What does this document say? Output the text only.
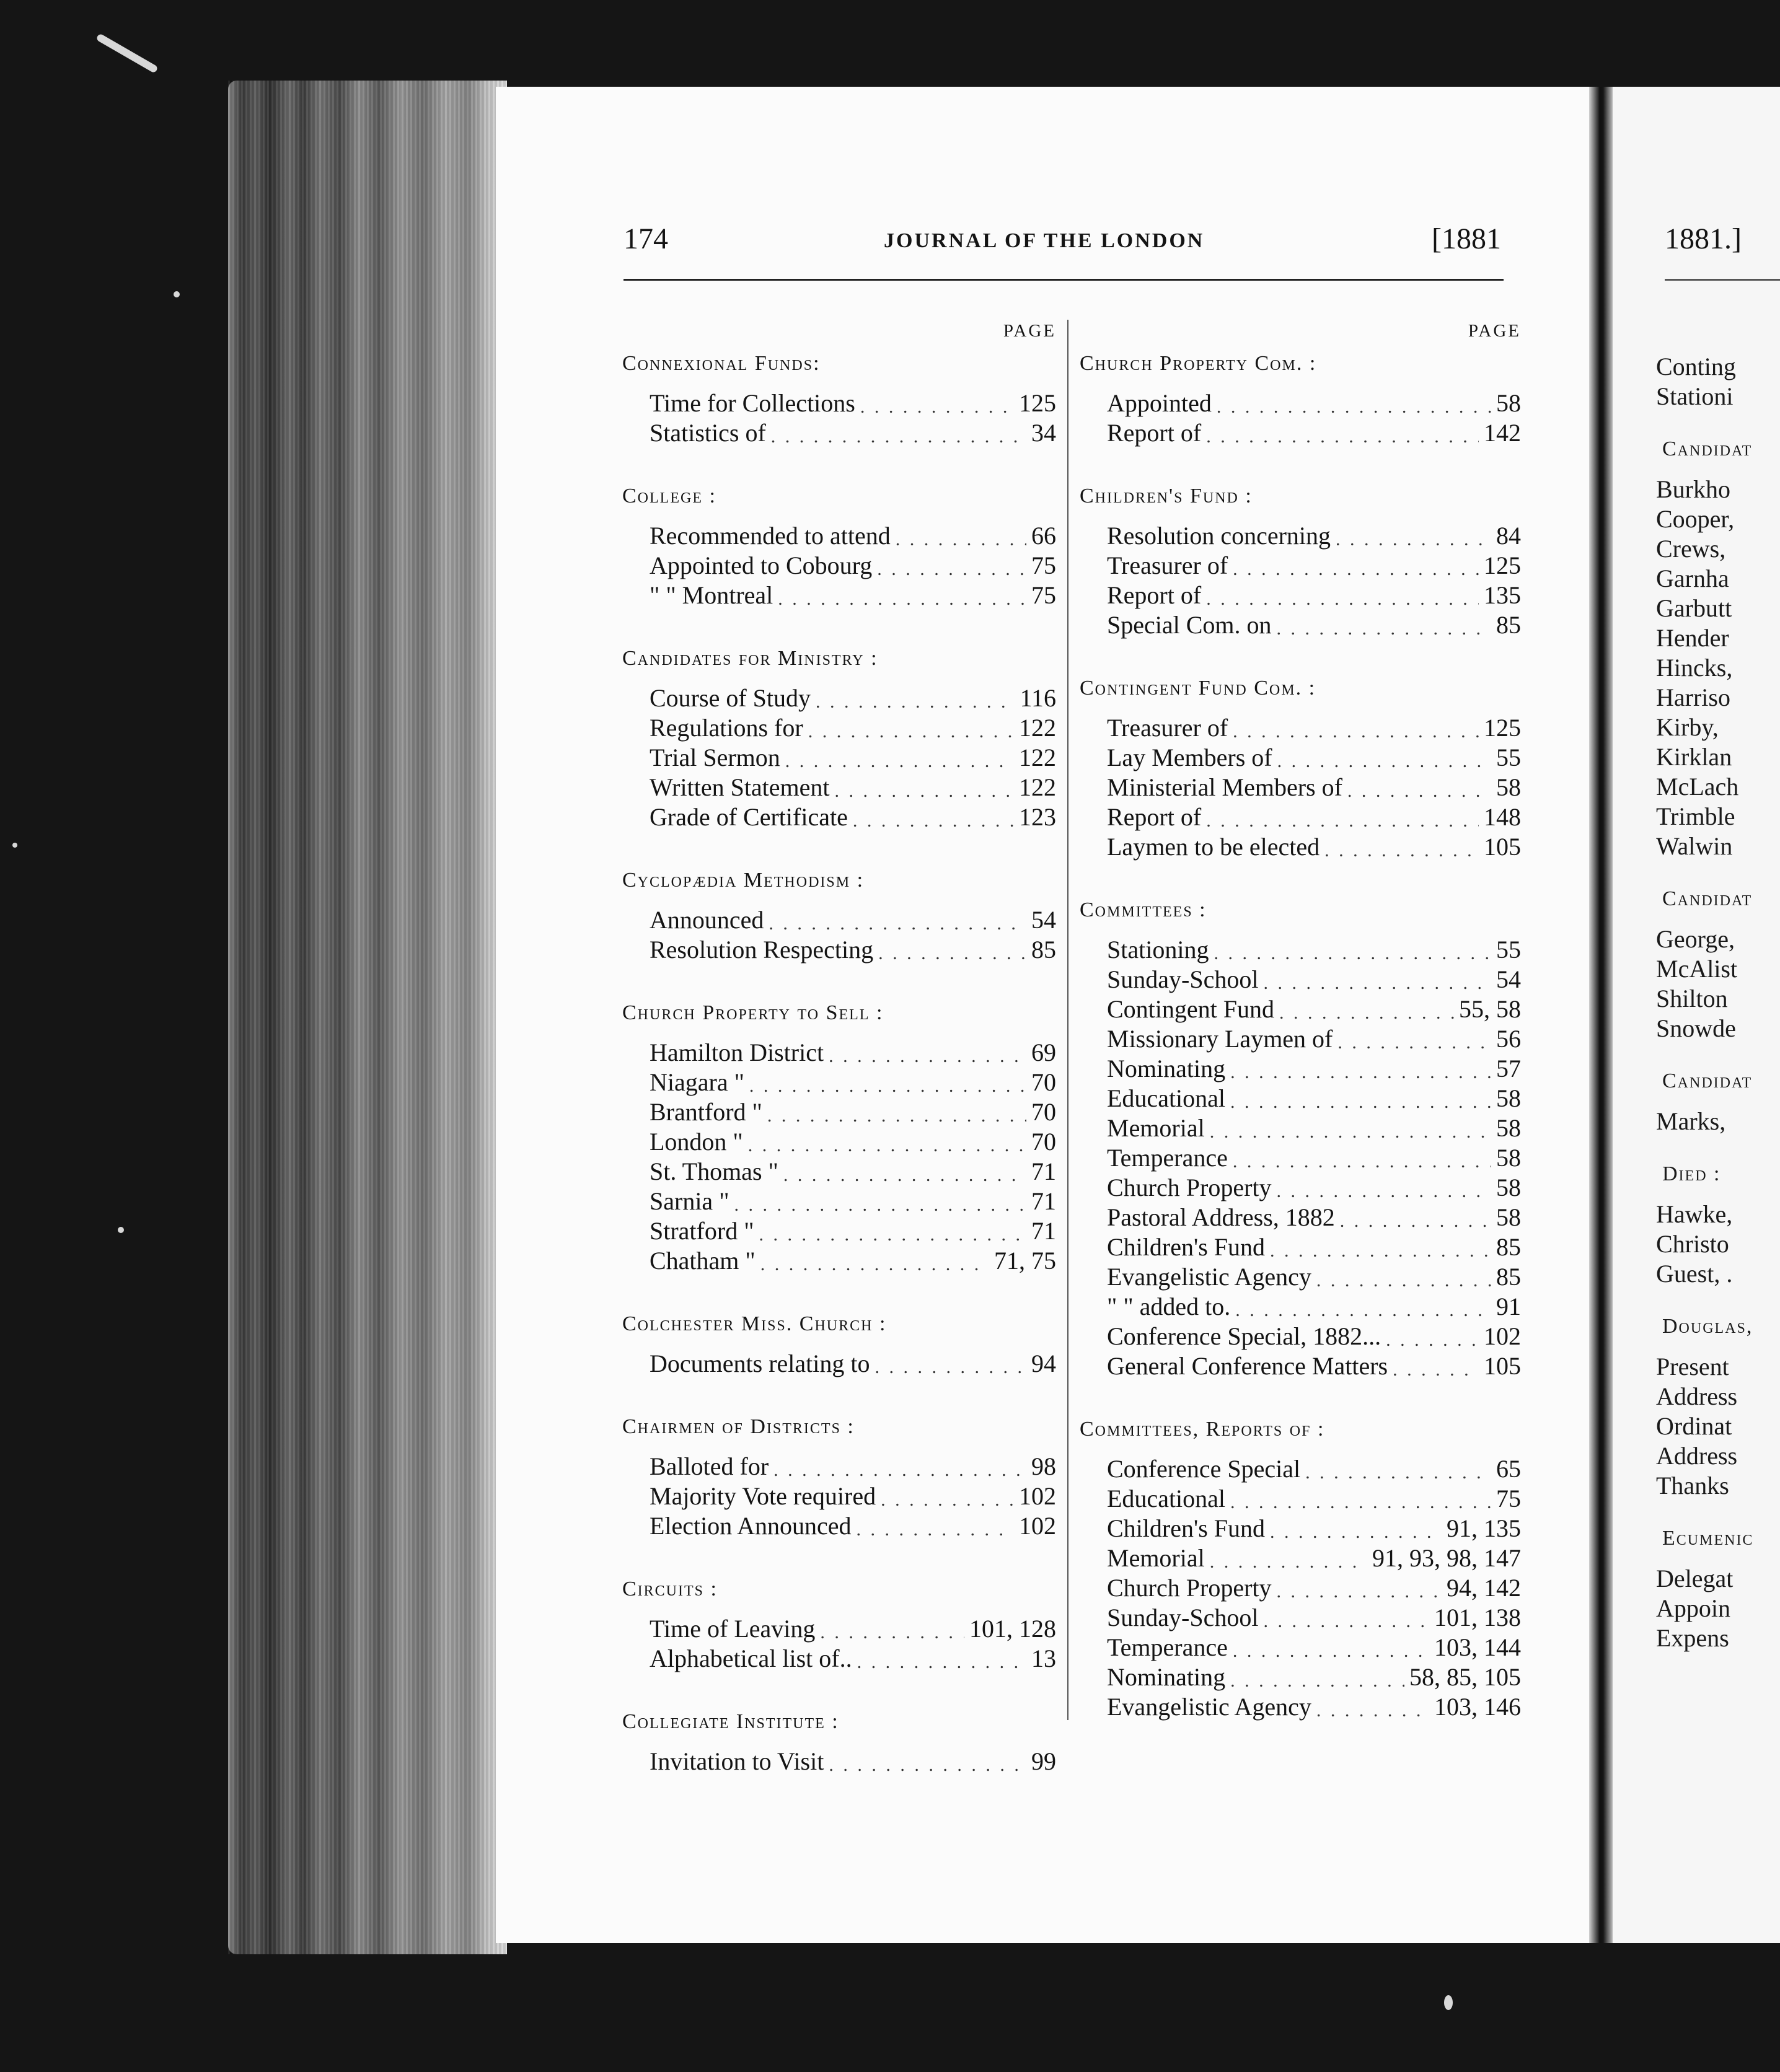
174	JOURNAL OF THE LONDON	[1881
PAGE
Connexional Funds:
Time for Collections . . .	125
Statistics of . . .	34
College :
Recommended to attend . . .	66
Appointed to Cobourg . . .	75
" " Montreal . . .	75
Candidates for Ministry :
Course of Study . . .	116
Regulations for . . .	122
Trial Sermon . . .	122
Written Statement . . .	122
Grade of Certificate . . .	123
Cyclopædia Methodism :
Announced . . .	54
Resolution Respecting . . .	85
Church Property to Sell :
Hamilton District . . .	69
Niagara " . . .	70
Brantford " . . .	70
London " . . .	70
St. Thomas " . . .	71
Sarnia " . . .	71
Stratford " . . .	71
Chatham " . . .	71, 75
Colchester Miss. Church :
Documents relating to . . .	94
Chairmen of Districts :
Balloted for . . .	98
Majority Vote required . . .	102
Election Announced . . .	102
Circuits :
Time of Leaving . . .	101, 128
Alphabetical list of.. . . .	13
Collegiate Institute :
Invitation to Visit . . .	99
PAGE
Church Property Com. :
Appointed . . .	58
Report of . . .	142
Children's Fund :
Resolution concerning . . .	84
Treasurer of . . .	125
Report of . . .	135
Special Com. on . . .	85
Contingent Fund Com. :
Treasurer of . . .	125
Lay Members of . . .	55
Ministerial Members of . . .	58
Report of . . .	148
Laymen to be elected . . .	105
Committees :
Stationing . . .	55
Sunday-School . . .	54
Contingent Fund . . .	55, 58
Missionary Laymen of . . .	56
Nominating . . .	57
Educational . . .	58
Memorial . . .	58
Temperance . . .	58
Church Property . . .	58
Pastoral Address, 1882 . . .	58
Children's Fund . . .	85
Evangelistic Agency . . .	85
" " added to. . . .	91
Conference Special, 1882... . . .	102
General Conference Matters . . .	105
Committees, Reports of :
Conference Special . . .	65
Educational . . .	75
Children's Fund . . .	91, 135
Memorial . . .	91, 93, 98, 147
Church Property . . .	94, 142
Sunday-School . . .	101, 138
Temperance . . .	103, 144
Nominating . . .	58, 85, 105
Evangelistic Agency . . .	103, 146
1881.]
Conting
Stationi
Candidat
Burkho
Cooper,
Crews,
Garnha
Garbutt
Hender
Hincks,
Harriso
Kirby,
Kirklan
McLach
Trimble
Walwin
Candidat
George,
McAlist
Shilton
Snowde
Candidat
Marks,
Died :
Hawke,
Christo
Guest, .
Douglas,
Present
Address
Ordinat
Address
Thanks
Ecumenic
Delegat
Appoin
Expens
